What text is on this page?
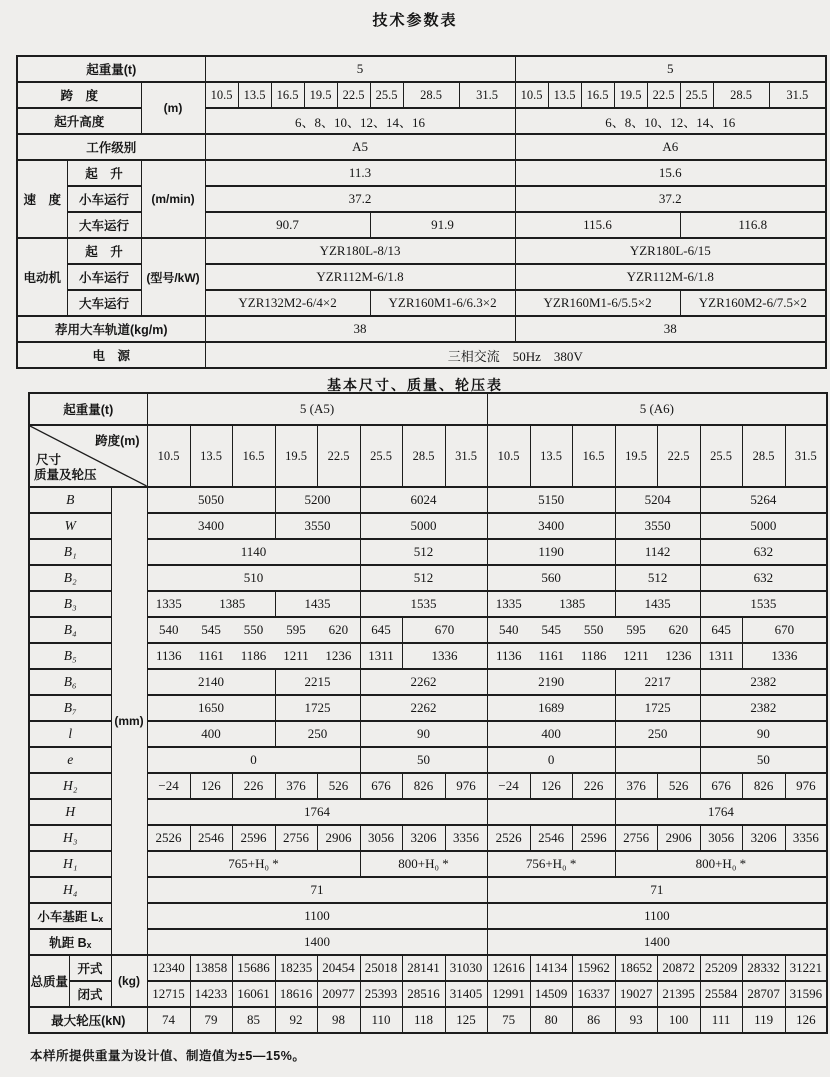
技术参数表
起重量(t)			5								5							
跨　度		(m)	10.5	13.5	16.5	19.5	22.5	25.5	28.5	31.5	10.5	13.5	16.5	19.5	22.5	25.5	28.5	31.5
起升高度			6、8、10、12、14、16								6、8、10、12、14、16							
工作级别			A5								A6							
速　度	起　升	(m/min)	11.3								15.6							
	小车运行		37.2								37.2							
	大车运行		90.7					91.9			115.6					116.8		
电动机	起　升	(型号/kW)	YZR180L-8/13								YZR180L-6/15							
	小车运行		YZR112M-6/1.8								YZR112M-6/1.8							
	大车运行		YZR132M2-6/4×2					YZR160M1-6/6.3×2			YZR160M1-6/5.5×2					YZR160M2-6/7.5×2		
荐用大车轨道(kg/m)			38								38							
电　源			三相交流　50Hz　380V															
基本尺寸、质量、轮压表
起重量(t)			5 (A5)								5 (A6)							

跨度(m)
尺寸
质量及轮压			10.5	13.5	16.5	19.5	22.5	25.5	28.5	31.5	10.5	13.5	16.5	19.5	22.5	25.5	28.5	31.5
B		(mm)	5050			5200		6024			5150			5204		5264		
W			3400			3550		5000			3400			3550		5000		
B₁			1140					512			1190			1142		632		
B₂			510					512			560			512		632		
B₃			1335 1385			1435		1535			1335 1385			1435		1535		
B₄			540 545 550 595 620					645	670		540 545 550 595 620					645	670	
B₅			1136 1161 1186 1211 1236					1311	1336		1136 1161 1186 1211 1236					1311	1336	
B₆			2140			2215		2262			2190			2217		2382		
B₇			1650			1725		2262			1689			1725		2382		
l			400			250		90			400			250		90		
e			0					50			0					50		
H₂			−24	126	226	376	526	676	826	976	−24	126	226	376	526	676	826	976
H			1764											1764				
H₃			2526	2546	2596	2756	2906	3056	3206	3356	2526	2546	2596	2756	2906	3056	3206	3356
H₁			765+H₀ *					800+H₀ *			756+H₀ *			800+H₀ *				
H₄			71								71							
小车基距 Lₓ			1100								1100							
轨距 Bₓ			1400								1400							
总质量	开式	(kg)	12340	13858	15686	18235	20454	25018	28141	31030	12616	14134	15962	18652	20872	25209	28332	31221
	闭式		12715	14233	16061	18616	20977	25393	28516	31405	12991	14509	16337	19027	21395	25584	28707	31596
最大轮压(kN)			74	79	85	92	98	110	118	125	75	80	86	93	100	111	119	126
本样所提供重量为设计值、制造值为±5—15%。
